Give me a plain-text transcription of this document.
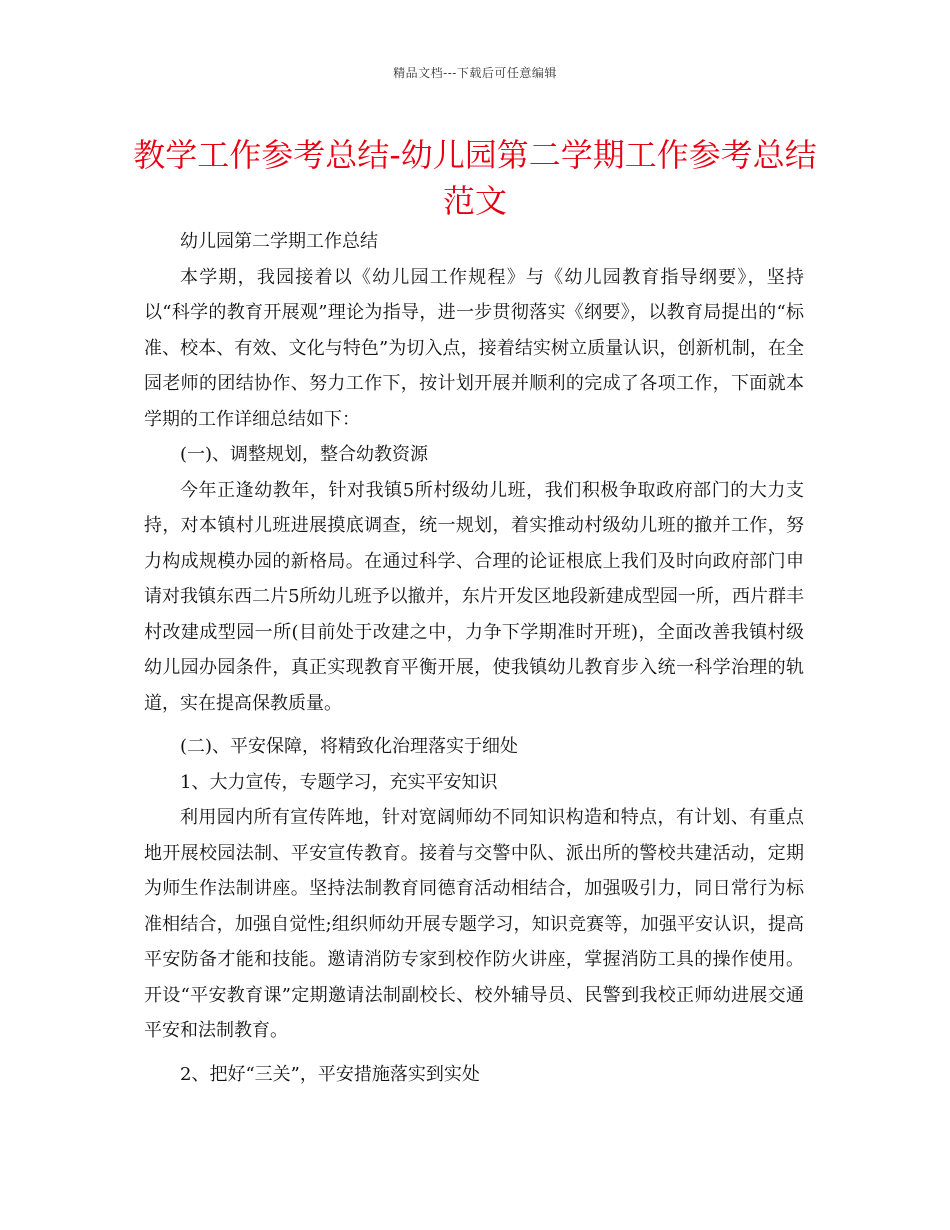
精品文档---下载后可任意编辑
教学工作参考总结-幼儿园第二学期工作参考总结范文

幼儿园第二学期工作总结

本学期，我园接着以《幼儿园工作规程》与《幼儿园教育指导纲要》，坚持以“科学的教育开展观”理论为指导，进一步贯彻落实《纲要》，以教育局提出的“标准、校本、有效、文化与特色”为切入点，接着结实树立质量认识，创新机制，在全园老师的团结协作、努力工作下，按计划开展并顺利的完成了各项工作，下面就本学期的工作详细总结如下：

(一)、调整规划，整合幼教资源

今年正逢幼教年，针对我镇5所村级幼儿班，我们积极争取政府部门的大力支持，对本镇村儿班进展摸底调查，统一规划，着实推动村级幼儿班的撤并工作，努力构成规模办园的新格局。在通过科学、合理的论证根底上我们及时向政府部门申请对我镇东西二片5所幼儿班予以撤并，东片开发区地段新建成型园一所，西片群丰村改建成型园一所(目前处于改建之中，力争下学期准时开班)，全面改善我镇村级幼儿园办园条件，真正实现教育平衡开展，使我镇幼儿教育步入统一科学治理的轨道，实在提高保教质量。

(二)、平安保障，将精致化治理落实于细处

1、大力宣传，专题学习，充实平安知识

利用园内所有宣传阵地，针对宽阔师幼不同知识构造和特点，有计划、有重点地开展校园法制、平安宣传教育。接着与交警中队、派出所的警校共建活动，定期为师生作法制讲座。坚持法制教育同德育活动相结合，加强吸引力，同日常行为标准相结合，加强自觉性;组织师幼开展专题学习，知识竞赛等，加强平安认识，提高平安防备才能和技能。邀请消防专家到校作防火讲座，掌握消防工具的操作使用。开设“平安教育课”定期邀请法制副校长、校外辅导员、民警到我校正师幼进展交通平安和法制教育。

2、把好“三关”，平安措施落实到实处
